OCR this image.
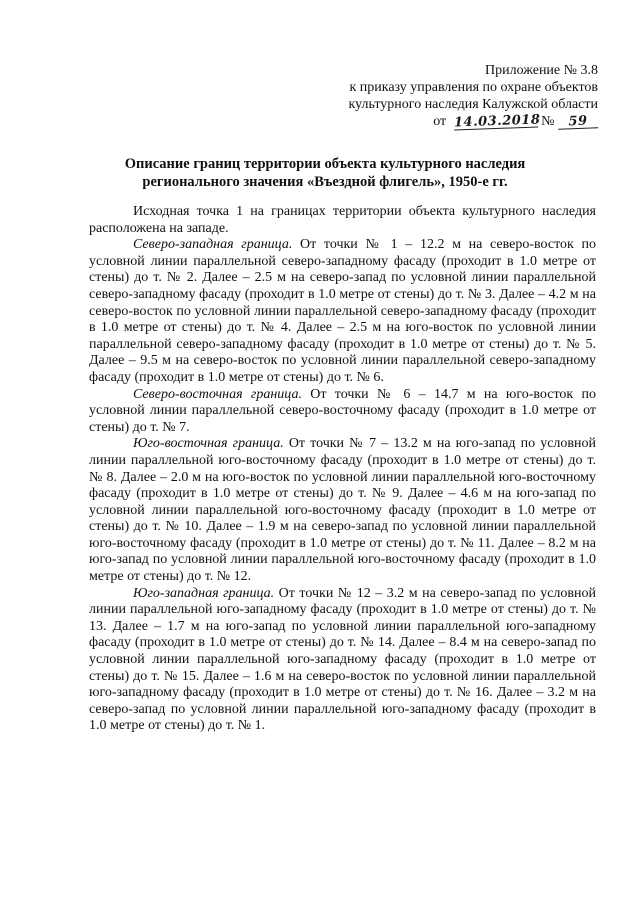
Приложение № 3.8
к приказу управления по охране объектов
культурного наследия Калужской области
от 14.03.2018 № 59
Описание границ территории объекта культурного наследия
регионального значения «Въездной флигель», 1950-е гг.

Исходная точка 1 на границах территории объекта культурного наследия расположена на западе.

Северо-западная граница. От точки № 1 – 12.2 м на северо-восток по условной линии параллельной северо-западному фасаду (проходит в 1.0 метре от стены) до т. № 2. Далее – 2.5 м на северо-запад по условной линии параллельной северо-западному фасаду (проходит в 1.0 метре от стены) до т. № 3. Далее – 4.2 м на северо-восток по условной линии параллельной северо-западному фасаду (проходит в 1.0 метре от стены) до т. № 4. Далее – 2.5 м на юго-восток по условной линии параллельной северо-западному фасаду (проходит в 1.0 метре от стены) до т. № 5. Далее – 9.5 м на северо-восток по условной линии параллельной северо-западному фасаду (проходит в 1.0 метре от стены) до т. № 6.

Северо-восточная граница. От точки № 6 – 14.7 м на юго-восток по условной линии параллельной северо-восточному фасаду (проходит в 1.0 метре от стены) до т. № 7.

Юго-восточная граница. От точки № 7 – 13.2 м на юго-запад по условной линии параллельной юго-восточному фасаду (проходит в 1.0 метре от стены) до т. № 8. Далее – 2.0 м на юго-восток по условной линии параллельной юго-восточному фасаду (проходит в 1.0 метре от стены) до т. № 9. Далее – 4.6 м на юго-запад по условной линии параллельной юго-восточному фасаду (проходит в 1.0 метре от стены) до т. № 10. Далее – 1.9 м на северо-запад по условной линии параллельной юго-восточному фасаду (проходит в 1.0 метре от стены) до т. № 11. Далее – 8.2 м на юго-запад по условной линии параллельной юго-восточному фасаду (проходит в 1.0 метре от стены) до т. № 12.

Юго-западная граница. От точки № 12 – 3.2 м на северо-запад по условной линии параллельной юго-западному фасаду (проходит в 1.0 метре от стены) до т. № 13. Далее – 1.7 м на юго-запад по условной линии параллельной юго-западному фасаду (проходит в 1.0 метре от стены) до т. № 14. Далее – 8.4 м на северо-запад по условной линии параллельной юго-западному фасаду (проходит в 1.0 метре от стены) до т. № 15. Далее – 1.6 м на северо-восток по условной линии параллельной юго-западному фасаду (проходит в 1.0 метре от стены) до т. № 16. Далее – 3.2 м на северо-запад по условной линии параллельной юго-западному фасаду (проходит в 1.0 метре от стены) до т. № 1.
